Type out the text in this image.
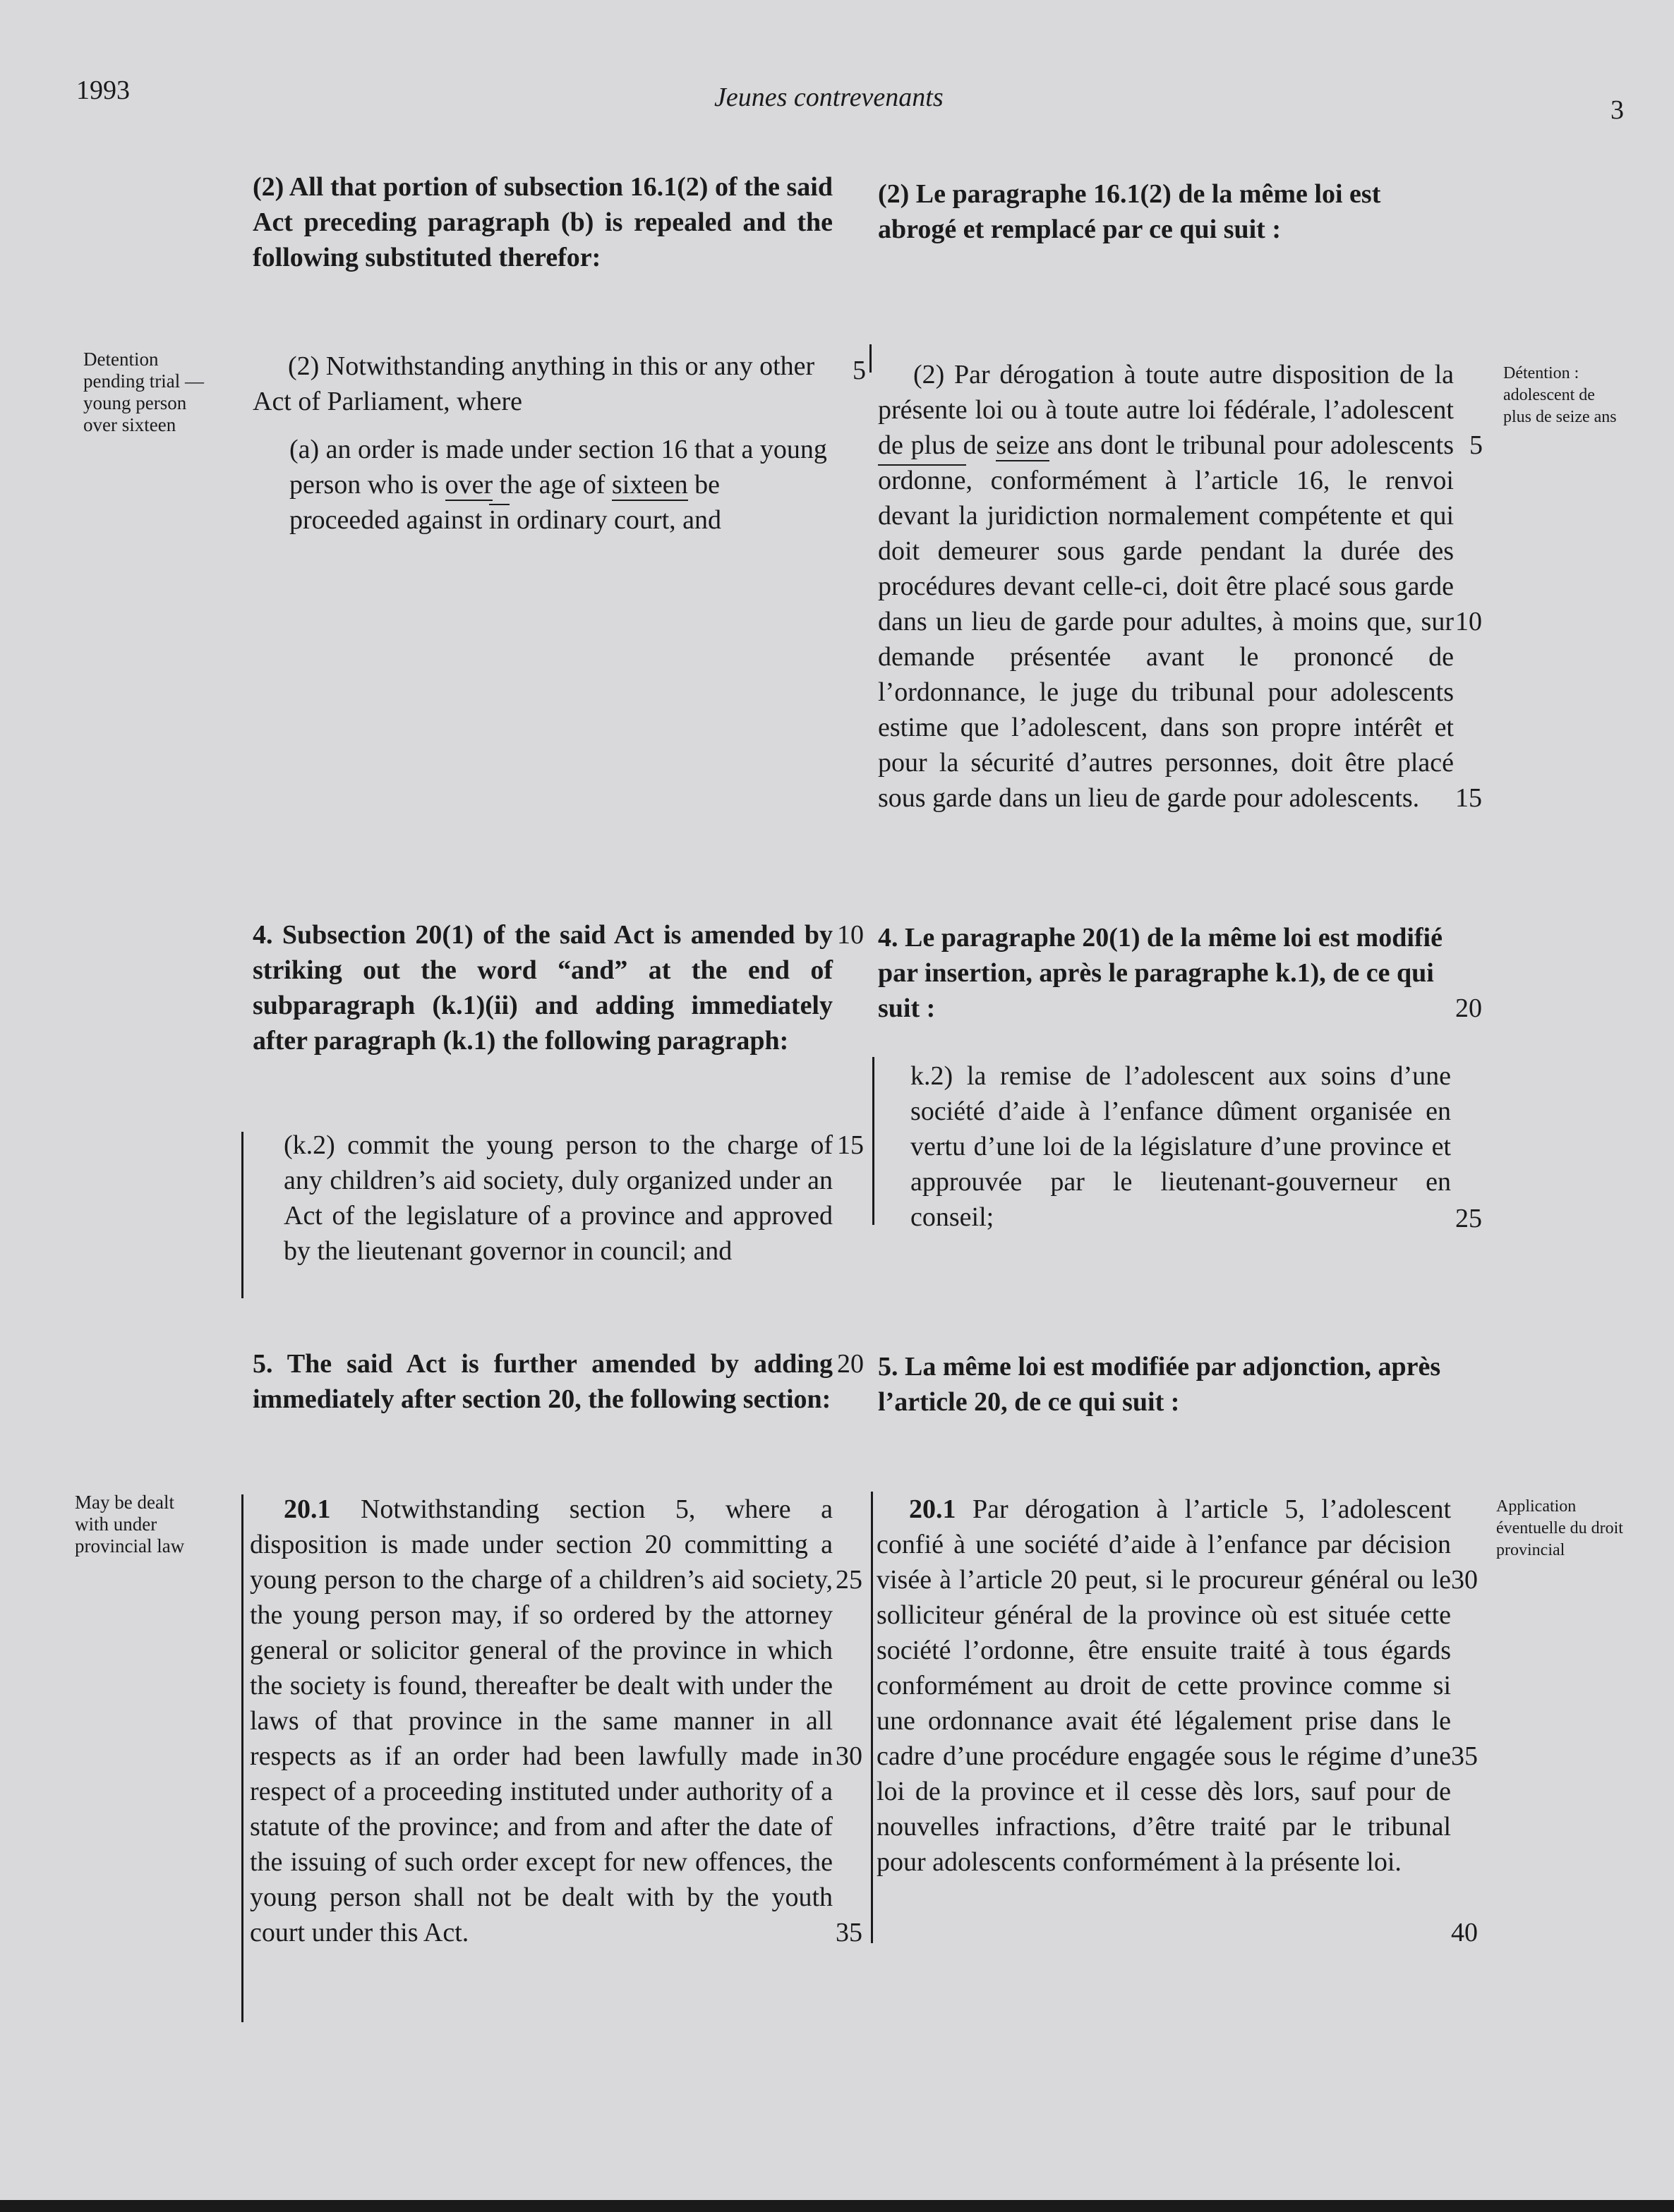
1993	Jeunes contrevenants	3
Detention pending trial — young person over sixteen
May be dealt with under provincial law
Détention : adolescent de plus de seize ans
Application éventuelle du droit provincial

(2) All that portion of subsection 16.1(2) of the said Act preceding paragraph (b) is repealed and the following substituted therefor:

(2) Notwithstanding anything in this or any other Act of Parliament, where

(a) an order is made under section 16 that a young person who is over the age of sixteen be proceeded against in ordinary court, and

4. Subsection 20(1) of the said Act is amended by striking out the word “and” at the end of subparagraph (k.1)(ii) and adding immediately after paragraph (k.1) the following paragraph:

(k.2) commit the young person to the charge of any children’s aid society, duly organized under an Act of the legislature of a province and approved by the lieutenant governor in council; and

5. The said Act is further amended by adding immediately after section 20, the following section:

20.1 Notwithstanding section 5, where a disposition is made under section 20 committing a young person to the charge of a children’s aid society, the young person may, if so ordered by the attorney general or solicitor general of the province in which the society is found, thereafter be dealt with under the laws of that province in the same manner in all respects as if an order had been lawfully made in respect of a proceeding instituted under authority of a statute of the province; and from and after the date of the issuing of such order except for new offences, the young person shall not be dealt with by the youth court under this Act.

5
10
15
20
25
30
35

(2) Le paragraphe 16.1(2) de la même loi est abrogé et remplacé par ce qui suit :

(2) Par dérogation à toute autre disposition de la présente loi ou à toute autre loi fédérale, l’adolescent de plus de seize ans dont le tribunal pour adolescents ordonne, conformément à l’article 16, le renvoi devant la juridiction normalement compétente et qui doit demeurer sous garde pendant la durée des procédures devant celle-ci, doit être placé sous garde dans un lieu de garde pour adultes, à moins que, sur demande présentée avant le prononcé de l’ordonnance, le juge du tribunal pour adolescents estime que l’adolescent, dans son propre intérêt et pour la sécurité d’autres personnes, doit être placé sous garde dans un lieu de garde pour adolescents.

4. Le paragraphe 20(1) de la même loi est modifié par insertion, après le paragraphe k.1), de ce qui suit :

k.2) la remise de l’adolescent aux soins d’une société d’aide à l’enfance dûment organisée en vertu d’une loi de la législature d’une province et approuvée par le lieutenant-gouverneur en conseil;

5. La même loi est modifiée par adjonction, après l’article 20, de ce qui suit :

20.1 Par dérogation à l’article 5, l’adolescent confié à une société d’aide à l’enfance par décision visée à l’article 20 peut, si le procureur général ou le solliciteur général de la province où est située cette société l’ordonne, être ensuite traité à tous égards conformément au droit de cette province comme si une ordonnance avait été légalement prise dans le cadre d’une procédure engagée sous le régime d’une loi de la province et il cesse dès lors, sauf pour de nouvelles infractions, d’être traité par le tribunal pour adolescents conformément à la présente loi.

5
10
15
20
25
30
35
40
